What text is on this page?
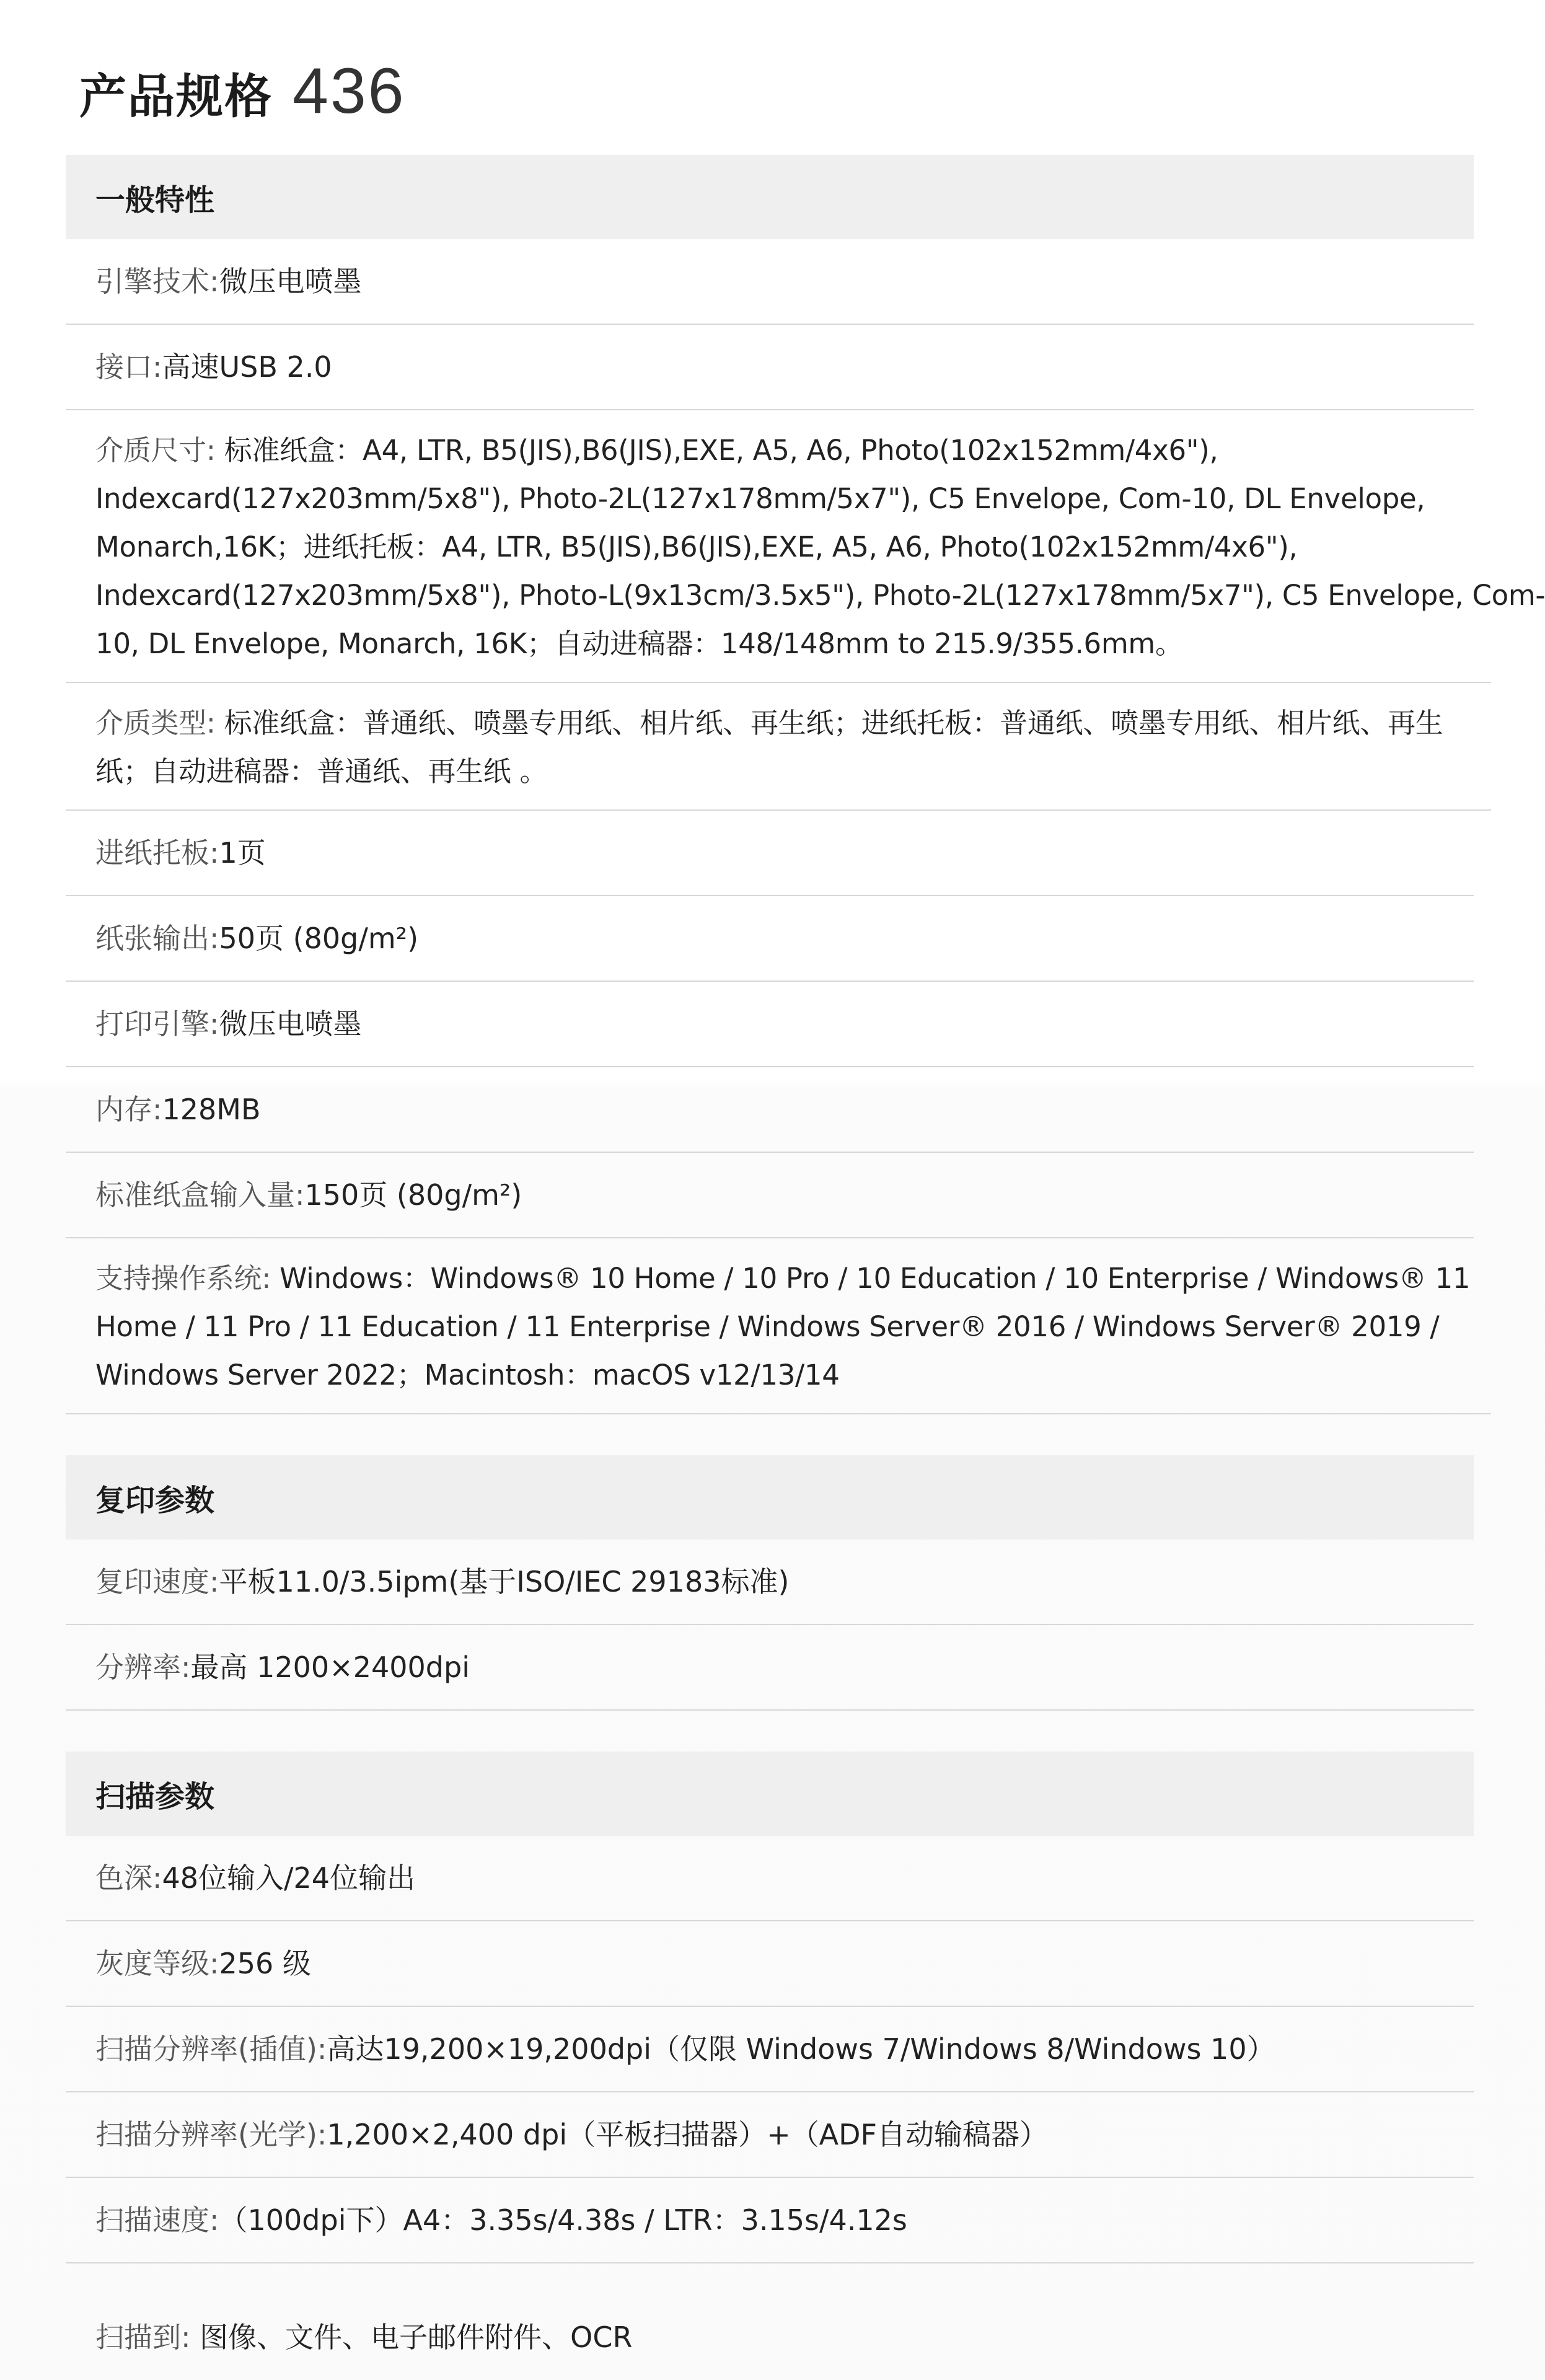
产品规格 436
一般特性
引擎技术: 微压电喷墨
接口: 高速USB 2.0
介质尺寸: 标准纸盒：A4, LTR, B5(JIS),B6(JIS),EXE, A5, A6, Photo(102x152mm/4x6"),
Indexcard(127x203mm/5x8"), Photo-2L(127x178mm/5x7"), C5 Envelope, Com-10, DL Envelope,
Monarch,16K；进纸托板：A4, LTR, B5(JIS),B6(JIS),EXE, A5, A6, Photo(102x152mm/4x6"),
Indexcard(127x203mm/5x8"), Photo-L(9x13cm/3.5x5"), Photo-2L(127x178mm/5x7"), C5 Envelope, Com-
10, DL Envelope, Monarch, 16K；自动进稿器：148/148mm to 215.9/355.6mm。
介质类型: 标准纸盒：普通纸、喷墨专用纸、相片纸、再生纸；进纸托板：普通纸、喷墨专用纸、相片纸、再生
纸；自动进稿器：普通纸、再生纸 。
进纸托板: 1页
纸张输出: 50页 (80g/m²)
打印引擎: 微压电喷墨
内存: 128MB
标准纸盒输入量: 150页 (80g/m²)
支持操作系统: Windows：Windows® 10 Home / 10 Pro / 10 Education / 10 Enterprise / Windows® 11
Home / 11 Pro / 11 Education / 11 Enterprise / Windows Server® 2016 / Windows Server® 2019 /
Windows Server 2022；Macintosh：macOS v12/13/14
复印参数
复印速度: 平板11.0/3.5ipm(基于ISO/IEC 29183标准)
分辨率: 最高 1200×2400dpi
扫描参数
色深: 48位输入/24位输出
灰度等级: 256 级
扫描分辨率(插值): 高达19,200×19,200dpi（仅限 Windows 7/Windows 8/Windows 10）
扫描分辨率(光学): 1,200×2,400 dpi（平板扫描器）+（ADF自动输稿器）
扫描速度: （100dpi下）A4：3.35s/4.38s / LTR：3.15s/4.12s
扫描到: 图像、文件、电子邮件附件、OCR
